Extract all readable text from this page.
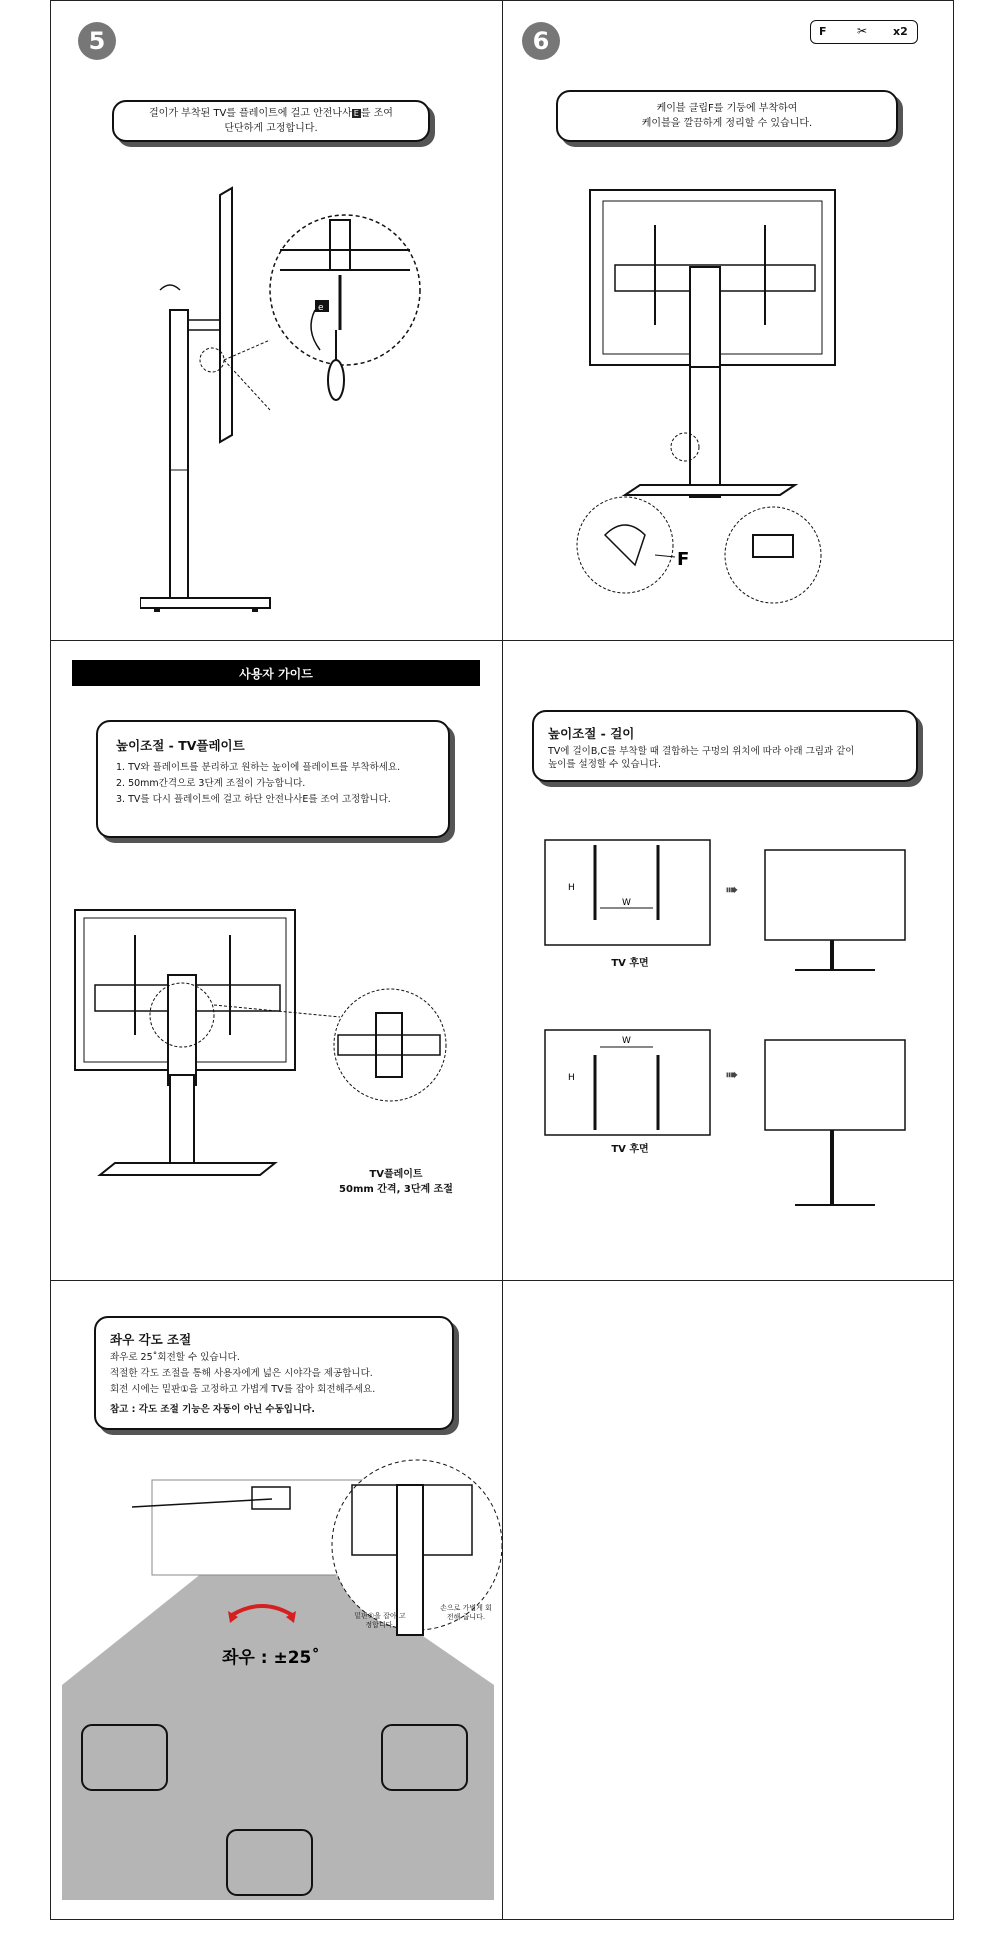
5
걸이가 부착된 TV를 플레이트에 걸고 안전나사 E 를 조여
단단하게 고정합니다.
e
6	F	✂ x2
케이블 클립F를 기둥에 부착하여
케이블을 깔끔하게 정리할 수 있습니다.
F
사용자 가이드
높이조절 - TV플레이트
1. TV와 플레이트를 분리하고 원하는 높이에 플레이트를 부착하세요.
2. 50mm간격으로 3단계 조절이 가능합니다.
3. TV를 다시 플레이트에 걸고 하단 안전나사E를 조여 고정합니다.
TV플레이트
50mm 간격, 3단계 조절
높이조절 - 걸이
TV에 걸이B,C를 부착할 때 결합하는 구멍의 위치에 따라 아래 그림과 같이
높이를 설정할 수 있습니다.
W
H	➠
TV 후면
W
H	➠
TV 후면
좌우 각도 조절
좌우로 25˚회전할 수 있습니다.
적절한 각도 조절을 통해 사용자에게 넓은 시야각을 제공합니다.
회전 시에는 밑판①을 고정하고 가볍게 TV를 잡아 회전해주세요.
참고 : 각도 조절 기능은 자동이 아닌 수동입니다.
좌우 : ±25˚
밑판①을 잡아 고정합니다.
손으로 가볍게 회전해 줍니다.
